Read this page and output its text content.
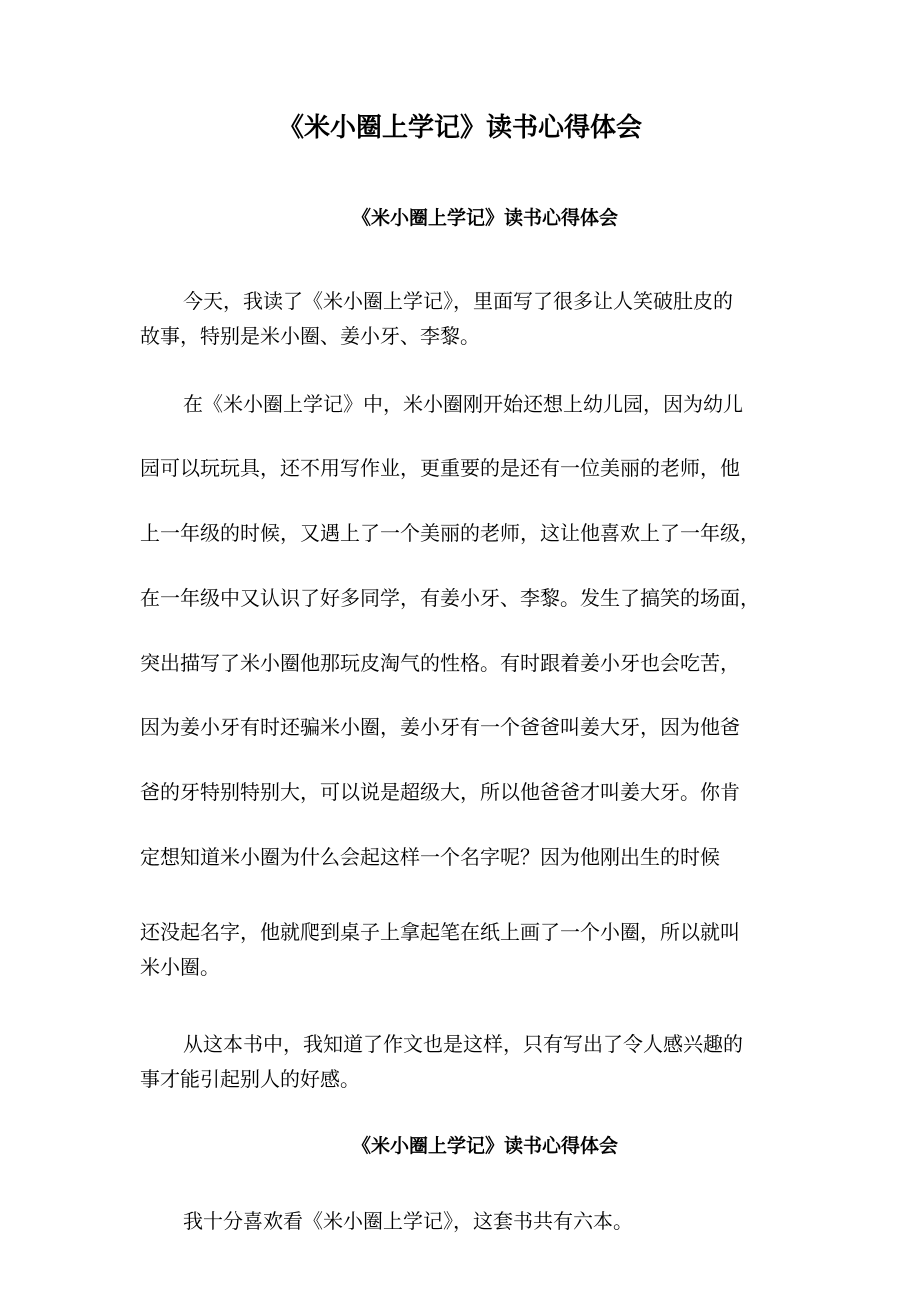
《米小圈上学记》读书心得体会
《米小圈上学记》读书心得体会
今天，我读了《米小圈上学记》，里面写了很多让人笑破肚皮的
故事，特别是米小圈、姜小牙、李黎。
在《米小圈上学记》中，米小圈刚开始还想上幼儿园，因为幼儿
园可以玩玩具，还不用写作业，更重要的是还有一位美丽的老师，他
上一年级的时候，又遇上了一个美丽的老师，这让他喜欢上了一年级，
在一年级中又认识了好多同学，有姜小牙、李黎。发生了搞笑的场面，
突出描写了米小圈他那玩皮淘气的性格。有时跟着姜小牙也会吃苦，
因为姜小牙有时还骗米小圈，姜小牙有一个爸爸叫姜大牙，因为他爸
爸的牙特别特别大，可以说是超级大，所以他爸爸才叫姜大牙。你肯
定想知道米小圈为什么会起这样一个名字呢？因为他刚出生的时候
还没起名字，他就爬到桌子上拿起笔在纸上画了一个小圈，所以就叫
米小圈。
从这本书中，我知道了作文也是这样，只有写出了令人感兴趣的
事才能引起别人的好感。
《米小圈上学记》读书心得体会
我十分喜欢看《米小圈上学记》，这套书共有六本。
